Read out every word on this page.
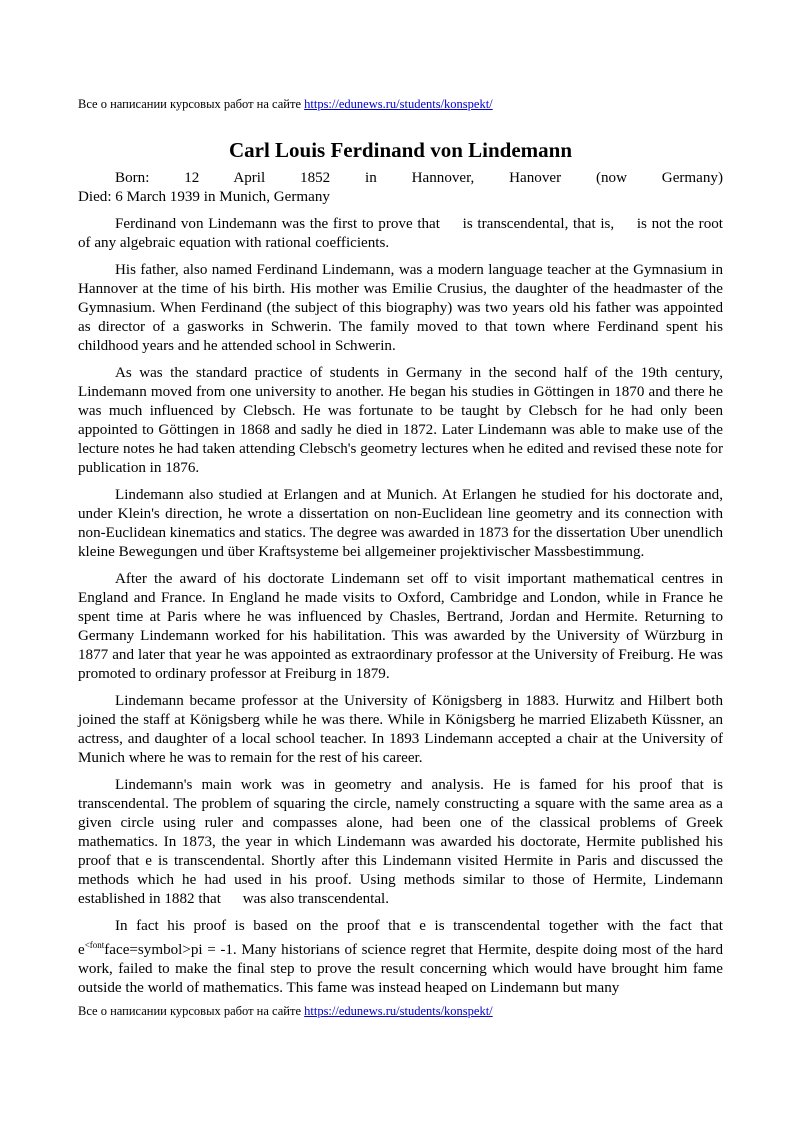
Все о написании курсовых работ на сайте https://edunews.ru/students/konspekt/
Carl Louis Ferdinand von Lindemann

Born: 12 April 1852 in Hannover, Hanover (now Germany)

Died: 6 March 1939 in Munich, Germany

Ferdinand von Lindemann was the first to prove that is transcendental, that is, is not the root of any algebraic equation with rational coefficients.

His father, also named Ferdinand Lindemann, was a modern language teacher at the Gymnasium in Hannover at the time of his birth. His mother was Emilie Crusius, the daughter of the headmaster of the Gymnasium. When Ferdinand (the subject of this biography) was two years old his father was appointed as director of a gasworks in Schwerin. The family moved to that town where Ferdinand spent his childhood years and he attended school in Schwerin.

As was the standard practice of students in Germany in the second half of the 19th century, Lindemann moved from one university to another. He began his studies in Göttingen in 1870 and there he was much influenced by Clebsch. He was fortunate to be taught by Clebsch for he had only been appointed to Göttingen in 1868 and sadly he died in 1872. Later Lindemann was able to make use of the lecture notes he had taken attending Clebsch's geometry lectures when he edited and revised these note for publication in 1876.

Lindemann also studied at Erlangen and at Munich. At Erlangen he studied for his doctorate and, under Klein's direction, he wrote a dissertation on non-Euclidean line geometry and its connection with non-Euclidean kinematics and statics. The degree was awarded in 1873 for the dissertation Uber unendlich kleine Bewegungen und über Kraftsysteme bei allgemeiner projektivischer Massbestimmung.

After the award of his doctorate Lindemann set off to visit important mathematical centres in England and France. In England he made visits to Oxford, Cambridge and London, while in France he spent time at Paris where he was influenced by Chasles, Bertrand, Jordan and Hermite. Returning to Germany Lindemann worked for his habilitation. This was awarded by the University of Würzburg in 1877 and later that year he was appointed as extraordinary professor at the University of Freiburg. He was promoted to ordinary professor at Freiburg in 1879.

Lindemann became professor at the University of Königsberg in 1883. Hurwitz and Hilbert both joined the staff at Königsberg while he was there. While in Königsberg he married Elizabeth Küssner, an actress, and daughter of a local school teacher. In 1893 Lindemann accepted a chair at the University of Munich where he was to remain for the rest of his career.

Lindemann's main work was in geometry and analysis. He is famed for his proof that is transcendental. The problem of squaring the circle, namely constructing a square with the same area as a given circle using ruler and compasses alone, had been one of the classical problems of Greek mathematics. In 1873, the year in which Lindemann was awarded his doctorate, Hermite published his proof that e is transcendental. Shortly after this Lindemann visited Hermite in Paris and discussed the methods which he had used in his proof. Using methods similar to those of Hermite, Lindemann established in 1882 that was also transcendental.

In fact his proof is based on the proof that e is transcendental together with the fact that $e^{<font}face=symbol>pi = -1$. Many historians of science regret that Hermite, despite doing most of the hard work, failed to make the final step to prove the result concerning which would have brought him fame outside the world of mathematics. This fame was instead heaped on Lindemann but many

Все о написании курсовых работ на сайте https://edunews.ru/students/konspekt/
